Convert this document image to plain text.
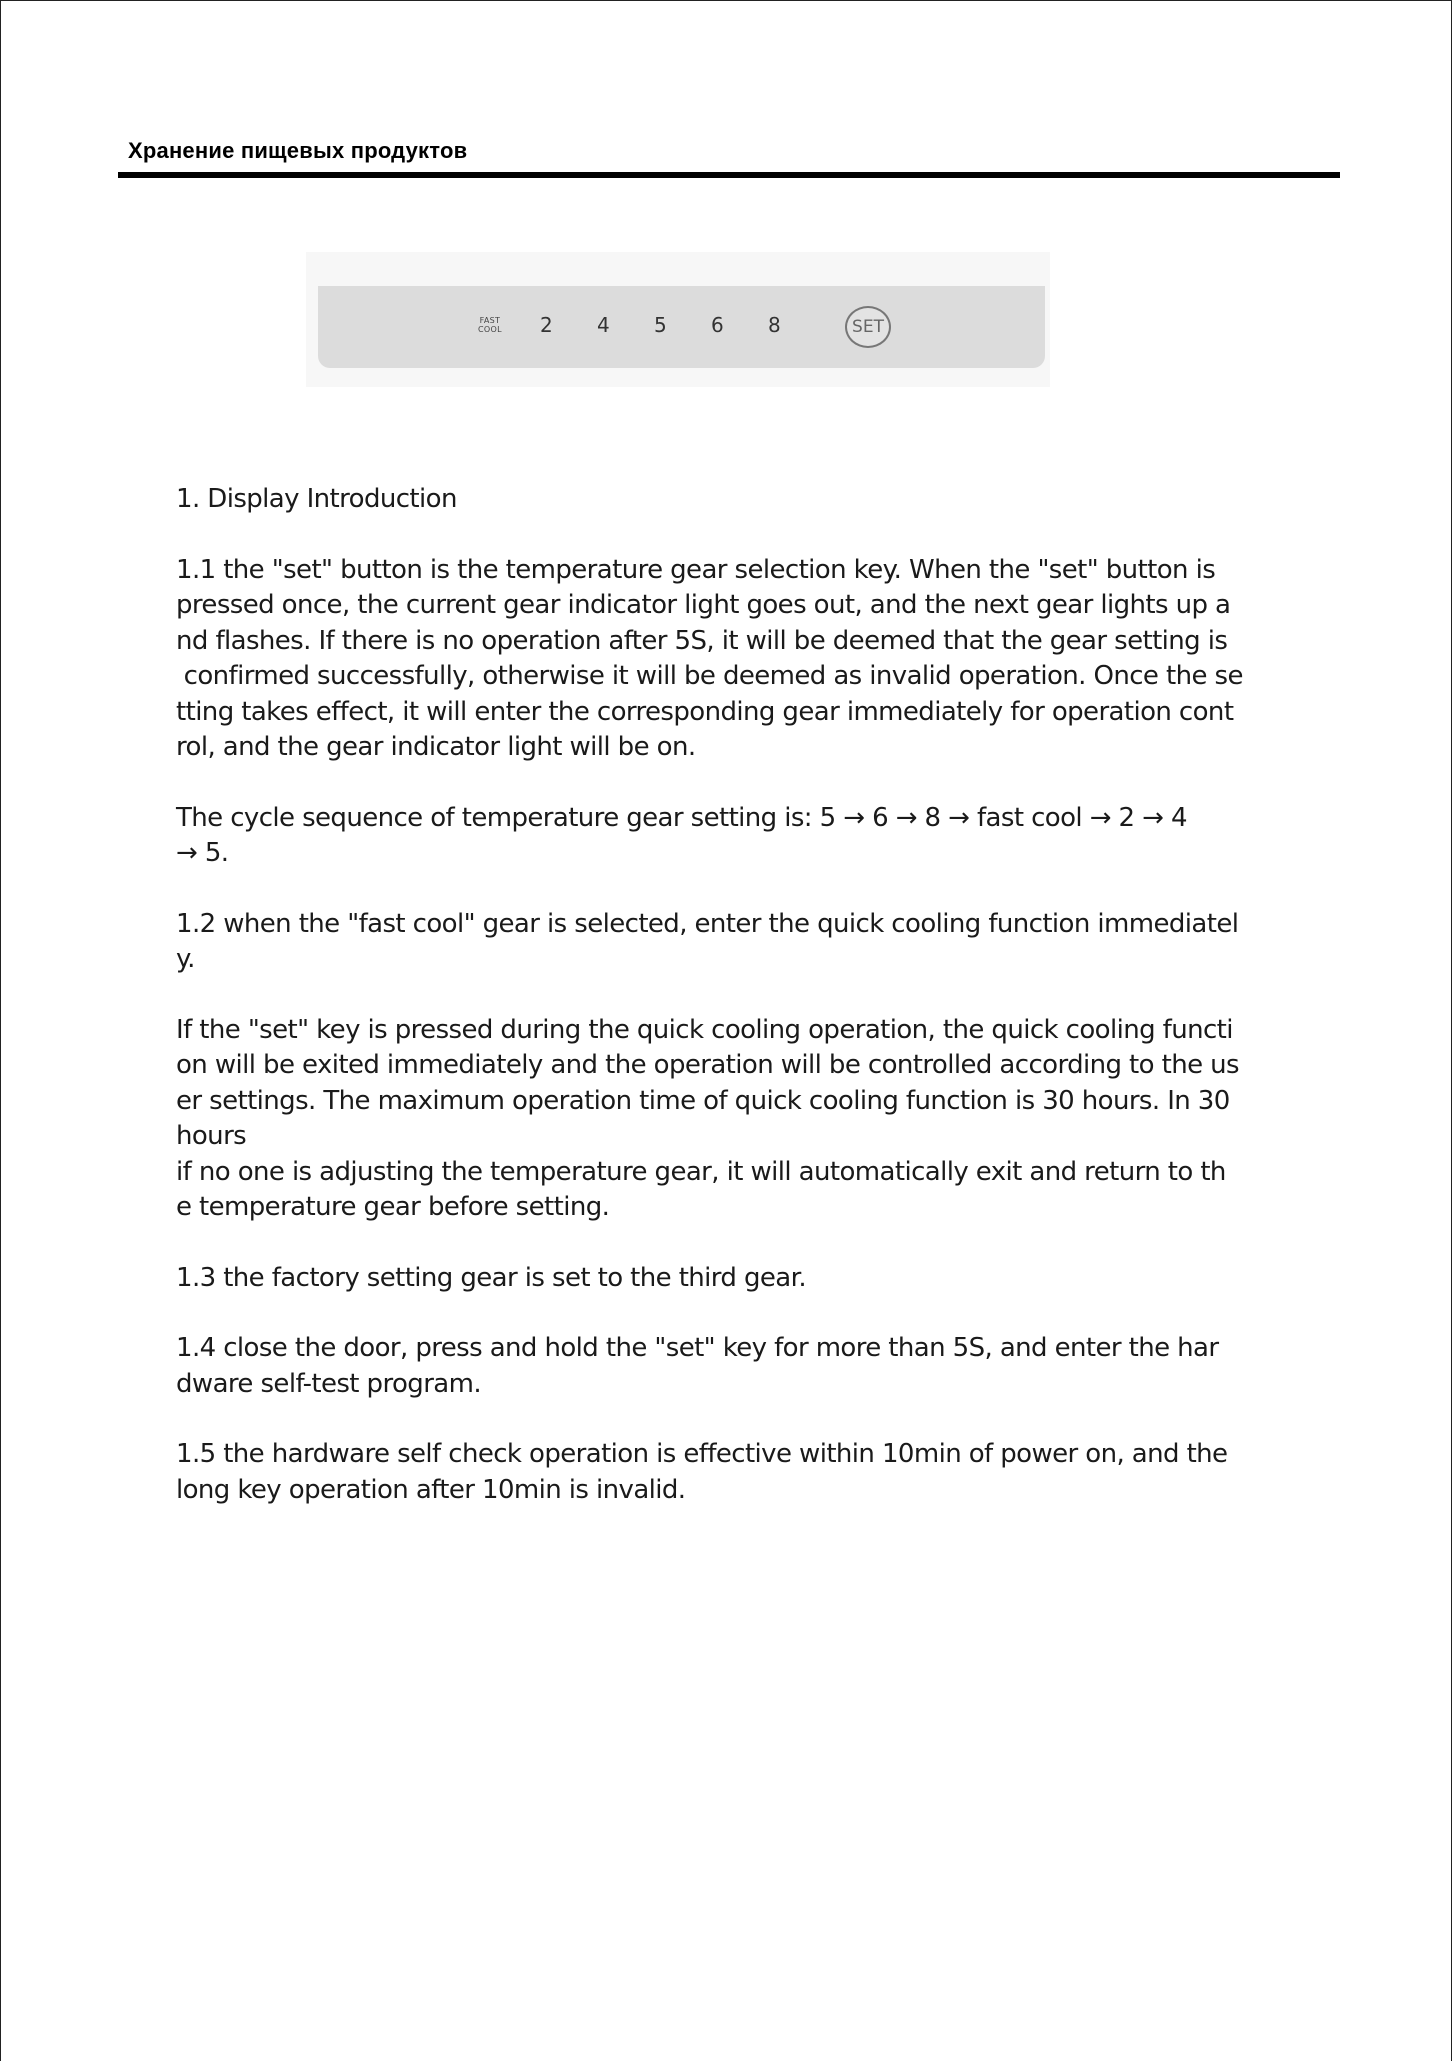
Хранение пищевых продуктов
FAST
COOL 2 4 5 6 8	SET

1. Display Introduction

1.1 the "set" button is the temperature gear selection key. When the "set" button is
pressed once, the current gear indicator light goes out, and the next gear lights up a
nd flashes. If there is no operation after 5S, it will be deemed that the gear setting is
confirmed successfully, otherwise it will be deemed as invalid operation. Once the se
tting takes effect, it will enter the corresponding gear immediately for operation cont
rol, and the gear indicator light will be on.

The cycle sequence of temperature gear setting is: 5 → 6 → 8 → fast cool → 2 → 4
→ 5.

1.2 when the "fast cool" gear is selected, enter the quick cooling function immediatel
y.

If the "set" key is pressed during the quick cooling operation, the quick cooling functi
on will be exited immediately and the operation will be controlled according to the us
er settings. The maximum operation time of quick cooling function is 30 hours. In 30
hours
if no one is adjusting the temperature gear, it will automatically exit and return to th
e temperature gear before setting.

1.3 the factory setting gear is set to the third gear.

1.4 close the door, press and hold the "set" key for more than 5S, and enter the har
dware self-test program.

1.5 the hardware self check operation is effective within 10min of power on, and the
long key operation after 10min is invalid.
